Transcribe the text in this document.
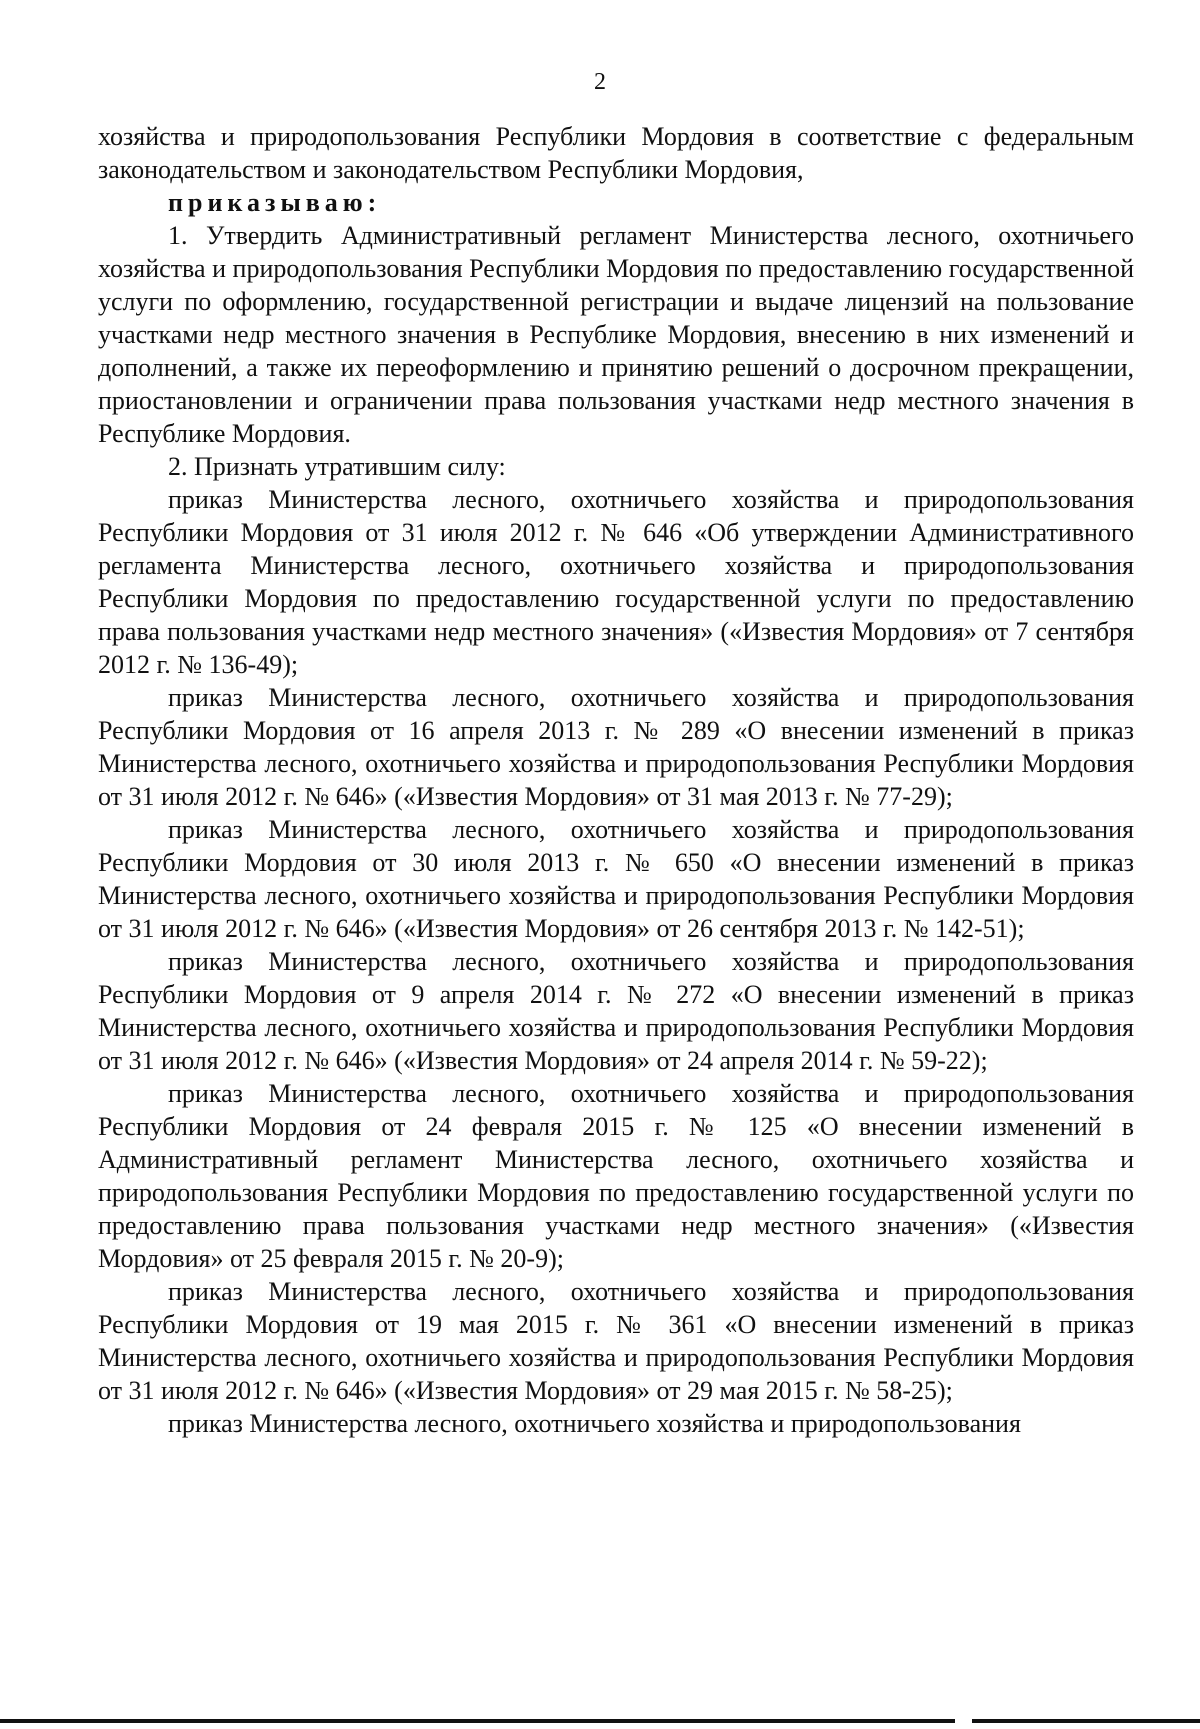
2

хозяйства и природопользования Республики Мордовия в соответствие с федеральным законодательством и законодательством Республики Мордовия,

приказываю:

1. Утвердить Административный регламент Министерства лесного, охотничьего хозяйства и природопользования Республики Мордовия по предоставлению государственной услуги по оформлению, государственной регистрации и выдаче лицензий на пользование участками недр местного значения в Республике Мордовия, внесению в них изменений и дополнений, а также их переоформлению и принятию решений о досрочном прекращении, приостановлении и ограничении права пользования участками недр местного значения в Республике Мордовия.

2. Признать утратившим силу:

приказ Министерства лесного, охотничьего хозяйства и природопользования Республики Мордовия от 31 июля 2012 г. № 646 «Об утверждении Административного регламента Министерства лесного, охотничьего хозяйства и природопользования Республики Мордовия по предоставлению государственной услуги по предоставлению права пользования участками недр местного значения» («Известия Мордовия» от 7 сентября 2012 г. № 136-49);

приказ Министерства лесного, охотничьего хозяйства и природопользования Республики Мордовия от 16 апреля 2013 г. № 289 «О внесении изменений в приказ Министерства лесного, охотничьего хозяйства и природопользования Республики Мордовия от 31 июля 2012 г. № 646» («Известия Мордовия» от 31 мая 2013 г. № 77-29);

приказ Министерства лесного, охотничьего хозяйства и природопользования Республики Мордовия от 30 июля 2013 г. № 650 «О внесении изменений в приказ Министерства лесного, охотничьего хозяйства и природопользования Республики Мордовия от 31 июля 2012 г. № 646» («Известия Мордовия» от 26 сентября 2013 г. № 142-51);

приказ Министерства лесного, охотничьего хозяйства и природопользования Республики Мордовия от 9 апреля 2014 г. № 272 «О внесении изменений в приказ Министерства лесного, охотничьего хозяйства и природопользования Республики Мордовия от 31 июля 2012 г. № 646» («Известия Мордовия» от 24 апреля 2014 г. № 59-22);

приказ Министерства лесного, охотничьего хозяйства и природопользования Республики Мордовия от 24 февраля 2015 г. № 125 «О внесении изменений в Административный регламент Министерства лесного, охотничьего хозяйства и природопользования Республики Мордовия по предоставлению государственной услуги по предоставлению права пользования участками недр местного значения» («Известия Мордовия» от 25 февраля 2015 г. № 20-9);

приказ Министерства лесного, охотничьего хозяйства и природопользования Республики Мордовия от 19 мая 2015 г. № 361 «О внесении изменений в приказ Министерства лесного, охотничьего хозяйства и природопользования Республики Мордовия от 31 июля 2012 г. № 646» («Известия Мордовия» от 29 мая 2015 г. № 58-25);

приказ Министерства лесного, охотничьего хозяйства и природопользования
